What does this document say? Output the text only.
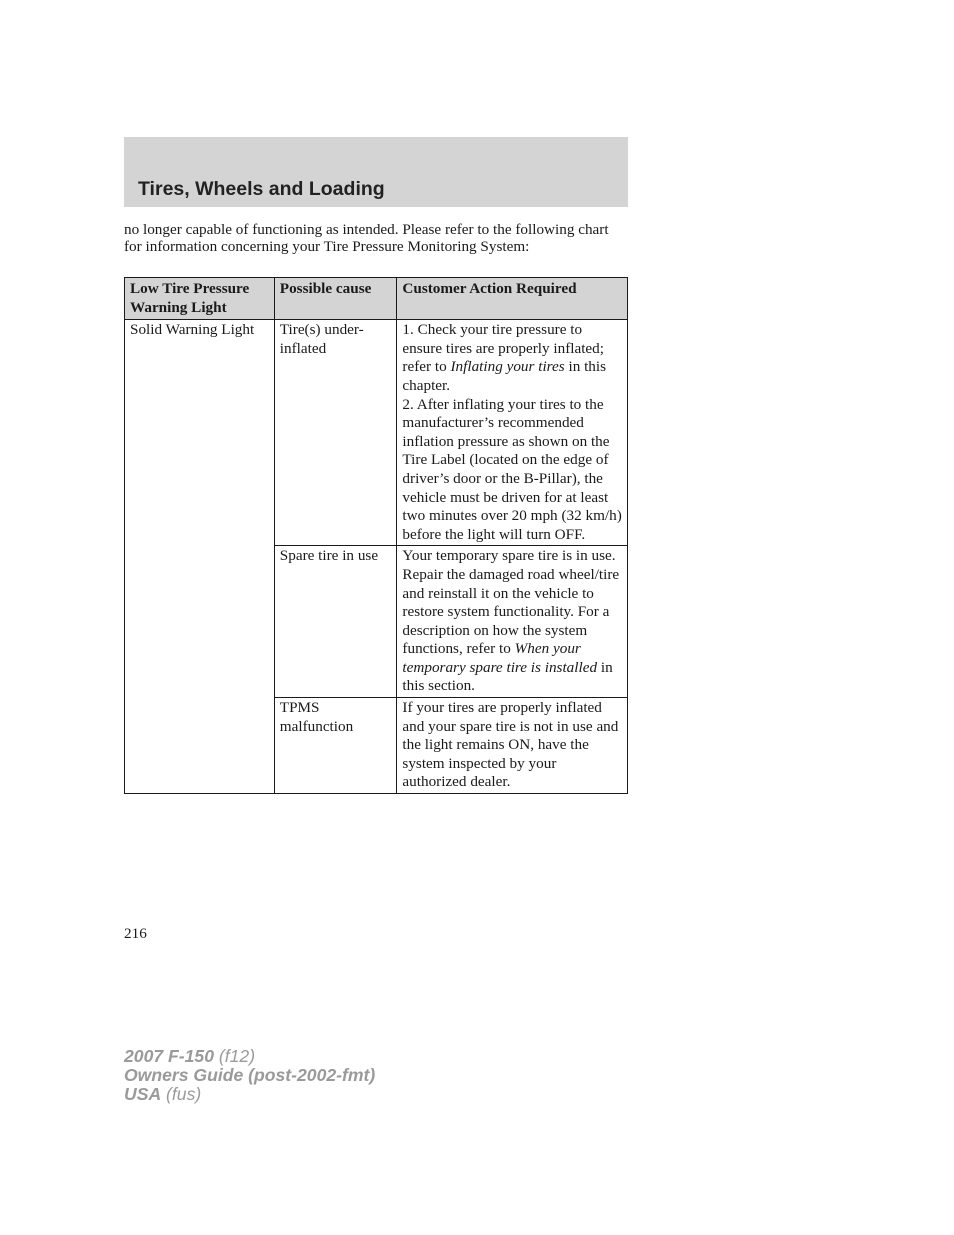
Tires, Wheels and Loading

no longer capable of functioning as intended. Please refer to the following chart for information concerning your Tire Pressure Monitoring System:

Low Tire Pressure Warning Light	Possible cause	Customer Action Required
Solid Warning Light	Tire(s) under-inflated	1. Check your tire pressure to ensure tires are properly inflated; refer to Inflating your tires in this chapter.
2. After inflating your tires to the manufacturer’s recommended inflation pressure as shown on the Tire Label (located on the edge of driver’s door or the B-Pillar), the vehicle must be driven for at least two minutes over 20 mph (32 km/h) before the light will turn OFF.
	Spare tire in use	Your temporary spare tire is in use. Repair the damaged road wheel/tire and reinstall it on the vehicle to restore system functionality. For a description on how the system functions, refer to When your temporary spare tire is installed in this section.
	TPMS malfunction	If your tires are properly inflated and your spare tire is not in use and the light remains ON, have the system inspected by your authorized dealer.
216
2007 F-150 (f12)
Owners Guide (post-2002-fmt)
USA (fus)
